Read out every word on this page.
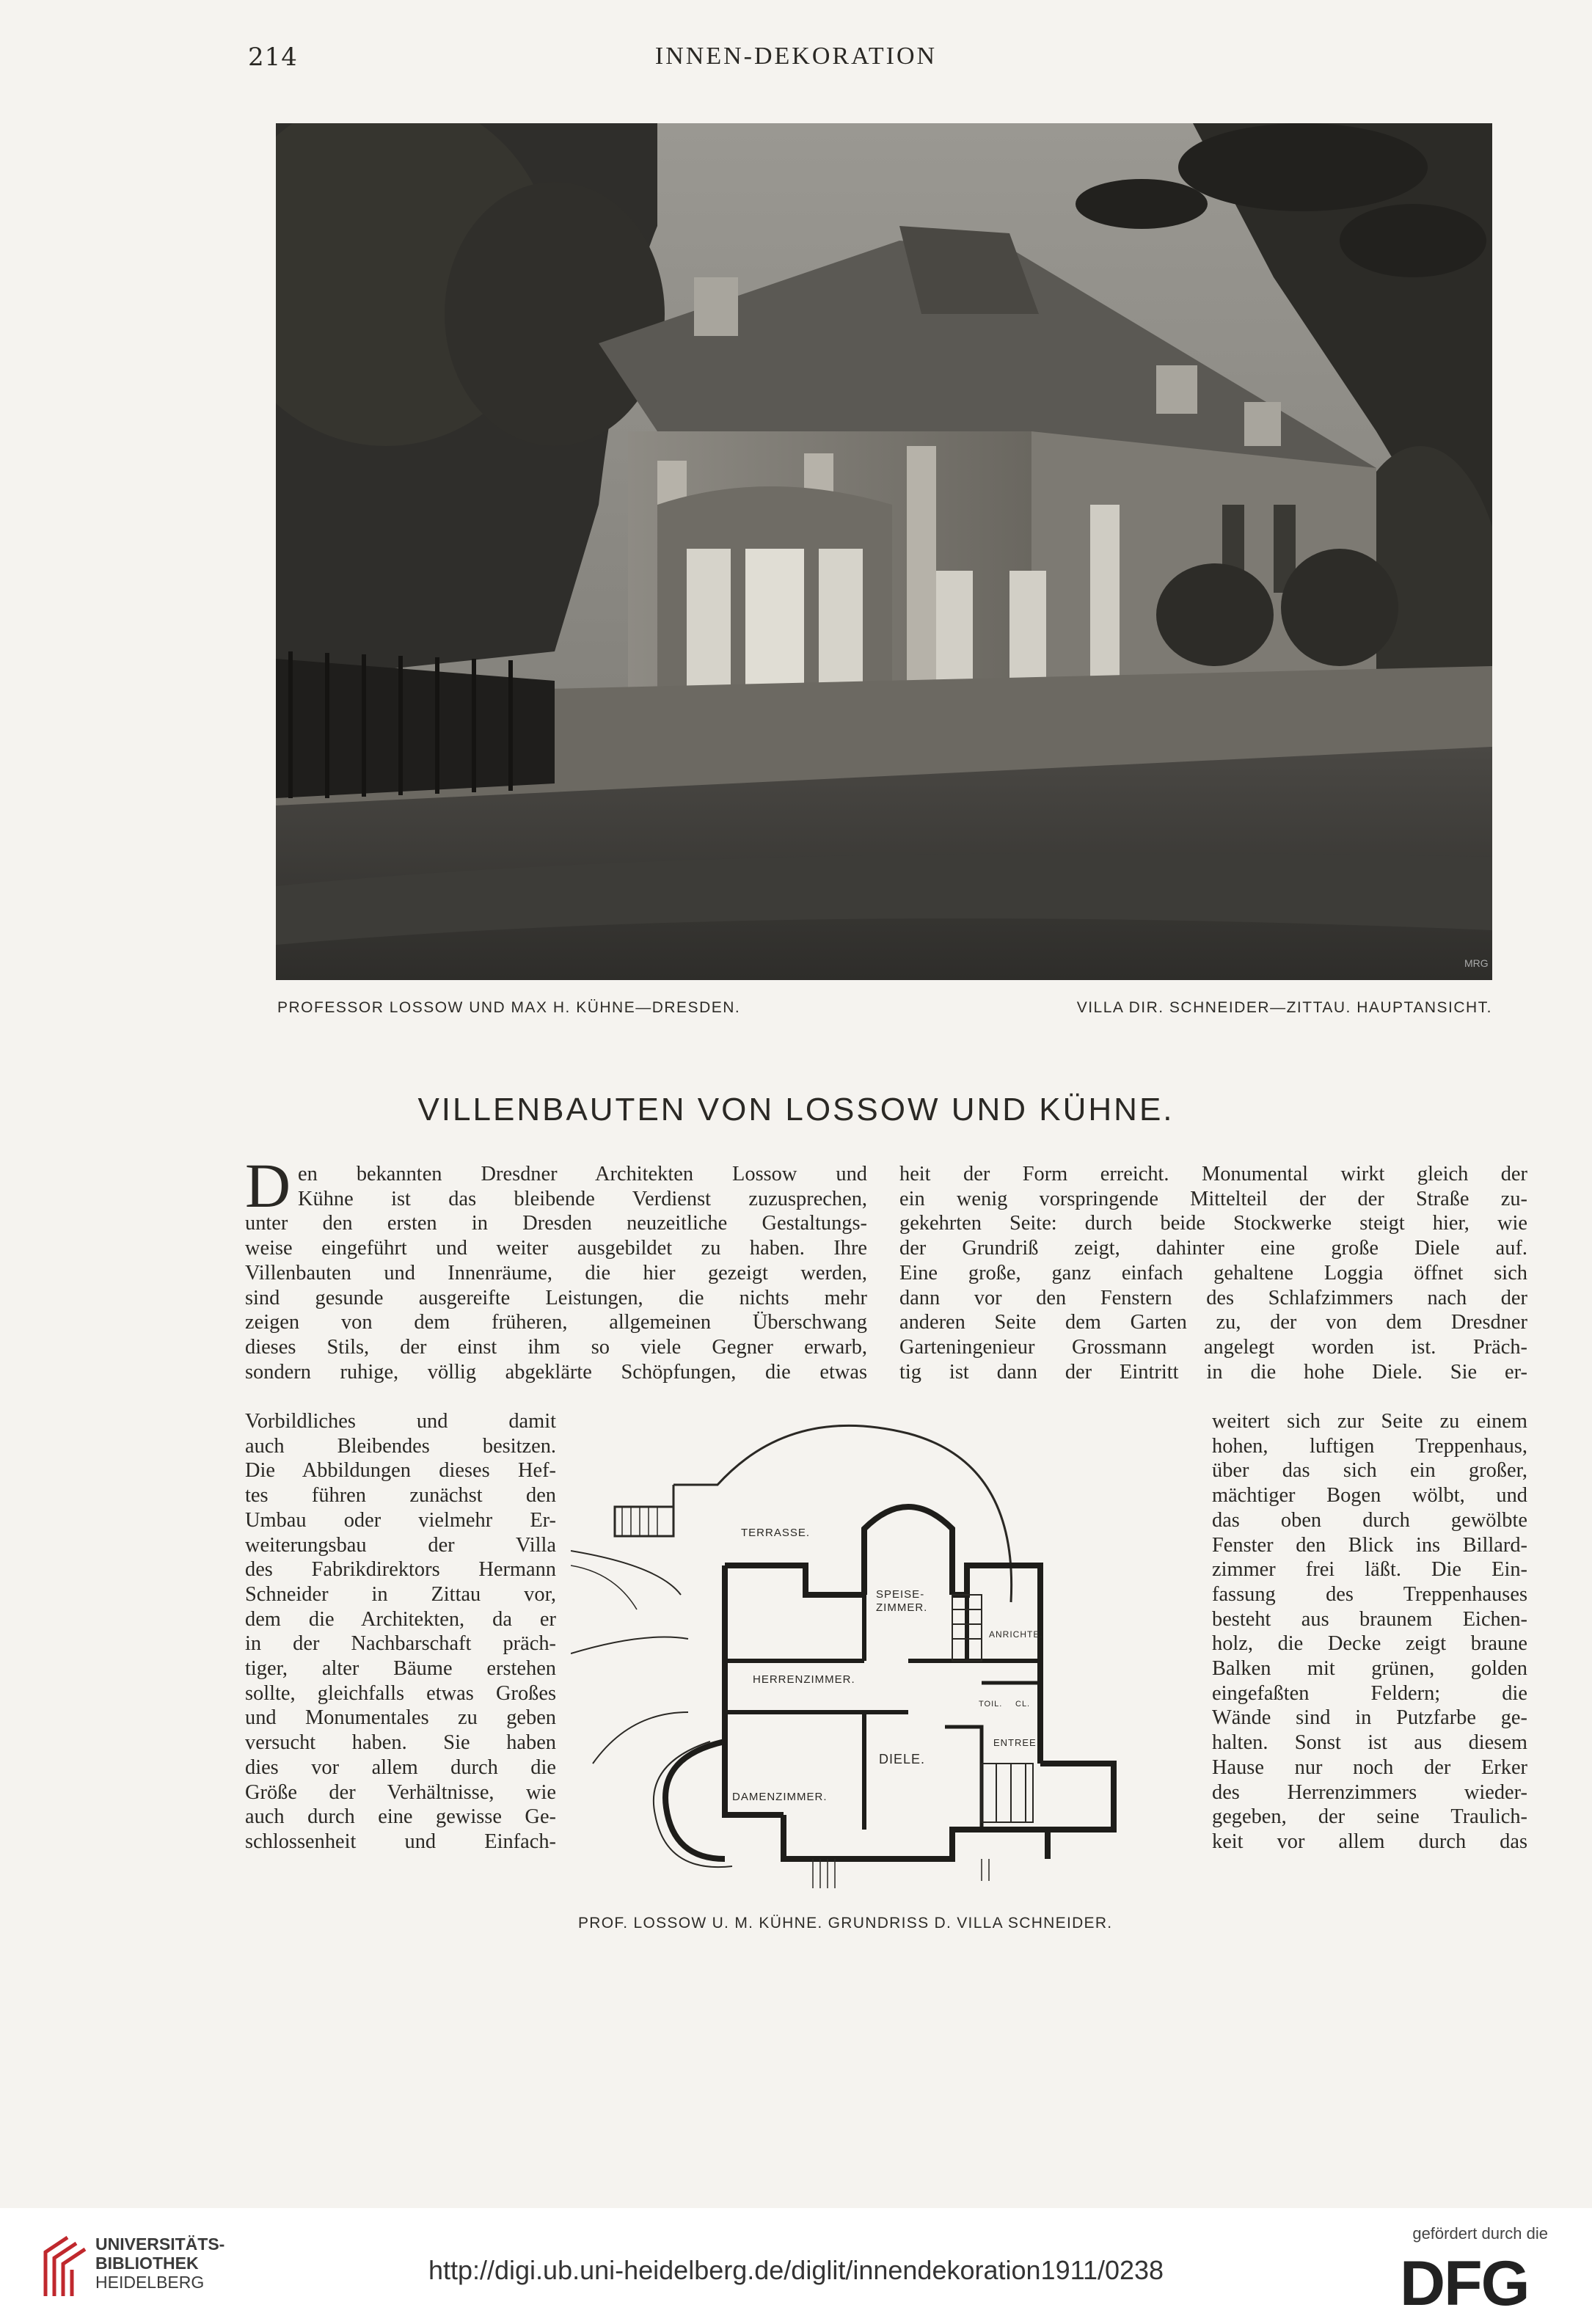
214	INNEN-DEKORATION
MRG
PROFESSOR LOSSOW UND MAX H. KÜHNE—DRESDEN.	VILLA DIR. SCHNEIDER—ZITTAU. HAUPTANSICHT.
VILLENBAUTEN VON LOSSOW UND KÜHNE.
D en bekannten Dresdner Architekten Lossow und
Kühne ist das bleibende Verdienst zuzusprechen,
unter den ersten in Dresden neuzeitliche Gestaltungs-
weise eingeführt und weiter ausgebildet zu haben. Ihre
Villenbauten und Innenräume, die hier gezeigt werden,
sind gesunde ausgereifte Leistungen, die nichts mehr
zeigen von dem früheren, allgemeinen Überschwang
dieses Stils, der einst ihm so viele Gegner erwarb,
sondern ruhige, völlig abgeklärte Schöpfungen, die etwas
Vorbildliches und damit
auch Bleibendes besitzen.
Die Abbildungen dieses Hef-
tes führen zunächst den
Umbau oder vielmehr Er-
weiterungsbau der Villa
des Fabrikdirektors Hermann
Schneider in Zittau vor,
dem die Architekten, da er
in der Nachbarschaft präch-
tiger, alter Bäume erstehen
sollte, gleichfalls etwas Großes
und Monumentales zu geben
versucht haben. Sie haben
dies vor allem durch die
Größe der Verhältnisse, wie
auch durch eine gewisse Ge-
schlossenheit und Einfach-
heit der Form erreicht. Monumental wirkt gleich der
ein wenig vorspringende Mittelteil der der Straße zu-
gekehrten Seite: durch beide Stockwerke steigt hier, wie
der Grundriß zeigt, dahinter eine große Diele auf.
Eine große, ganz einfach gehaltene Loggia öffnet sich
dann vor den Fenstern des Schlafzimmers nach der
anderen Seite dem Garten zu, der von dem Dresdner
Garteningenieur Grossmann angelegt worden ist. Präch-
tig ist dann der Eintritt in die hohe Diele. Sie er-
weitert sich zur Seite zu einem
hohen, luftigen Treppenhaus,
über das sich ein großer,
mächtiger Bogen wölbt, und
das oben durch gewölbte
Fenster den Blick ins Billard-
zimmer frei läßt. Die Ein-
fassung des Treppenhauses
besteht aus braunem Eichen-
holz, die Decke zeigt braune
Balken mit grünen, golden
eingefaßten Feldern; die
Wände sind in Putzfarbe ge-
halten. Sonst ist aus diesem
Hause nur noch der Erker
des Herrenzimmers wieder-
gegeben, der seine Traulich-
keit vor allem durch das
TERRASSE.
SPEISE-
ZIMMER.
ANRICHTE.
HERRENZIMMER.
TOIL. CL.
ENTREE.
DIELE.
DAMENZIMMER.
PROF. LOSSOW U. M. KÜHNE. GRUNDRISS D. VILLA SCHNEIDER.
UNIVERSITÄTS-
BIBLIOTHEK
HEIDELBERG	http://digi.ub.uni-heidelberg.de/diglit/innendekoration1911/0238
gefördert durch die
DFG
